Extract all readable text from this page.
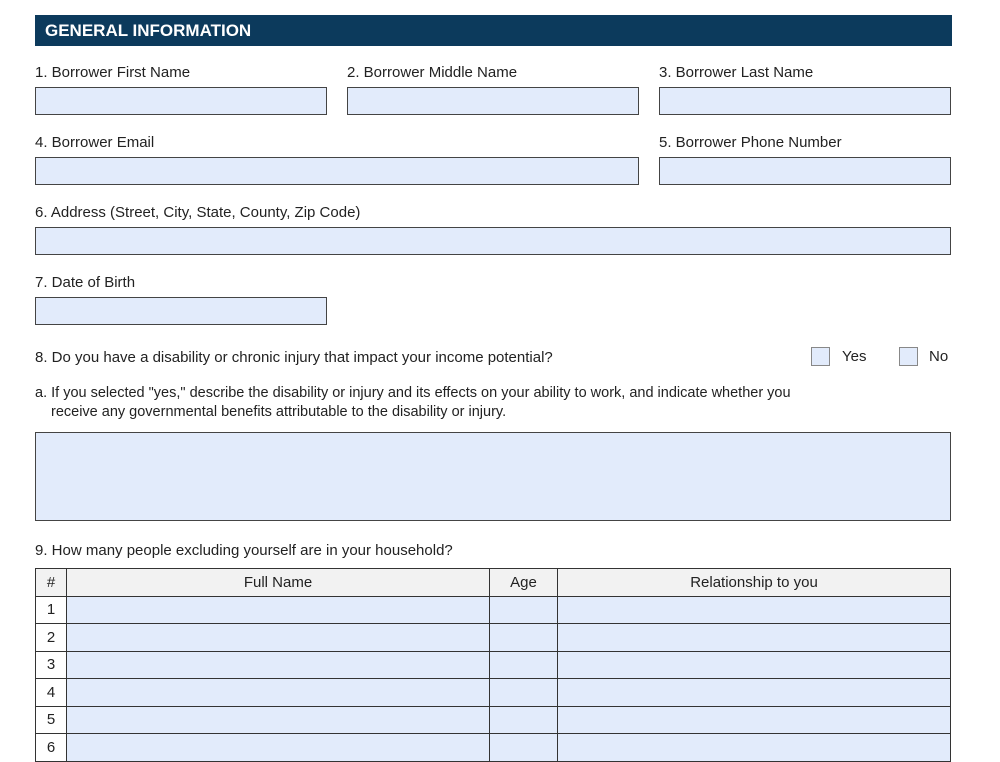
GENERAL INFORMATION
1. Borrower First Name	2. Borrower Middle Name	3. Borrower Last Name
4. Borrower Email	5. Borrower Phone Number
6. Address (Street, City, State, County, Zip Code)
7. Date of Birth
8. Do you have a disability or chronic injury that impact your income potential?	Yes	No
a. If you selected "yes," describe the disability or injury and its effects on your ability to work, and indicate whether you
receive any governmental benefits attributable to the disability or injury.
9. How many people excluding yourself are in your household?
#	Full Name	Age	Relationship to you
1			
2			
3			
4			
5			
6			
